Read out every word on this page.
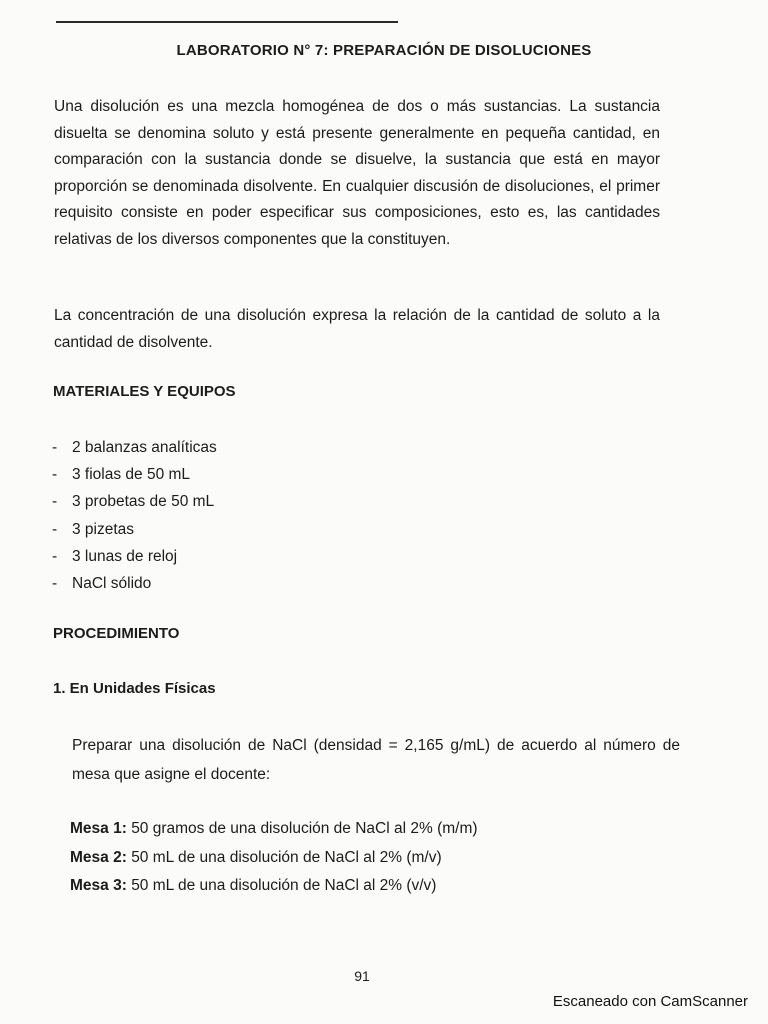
LABORATORIO N° 7: PREPARACIÓN DE DISOLUCIONES

Una disolución es una mezcla homogénea de dos o más sustancias. La sustancia disuelta se denomina soluto y está presente generalmente en pequeña cantidad, en comparación con la sustancia donde se disuelve, la sustancia que está en mayor proporción se denominada disolvente. En cualquier discusión de disoluciones, el primer requisito consiste en poder especificar sus composiciones, esto es, las cantidades relativas de los diversos componentes que la constituyen.

La concentración de una disolución expresa la relación de la cantidad de soluto a la cantidad de disolvente.

MATERIALES Y EQUIPOS
- 2 balanzas analíticas
- 3 fiolas de 50 mL
- 3 probetas de 50 mL
- 3 pizetas
- 3 lunas de reloj
- NaCl sólido
PROCEDIMIENTO
1. En Unidades Físicas

Preparar una disolución de NaCl (densidad = 2,165 g/mL) de acuerdo al número de mesa que asigne el docente:

Mesa 1: 50 gramos de una disolución de NaCl al 2% (m/m)
Mesa 2: 50 mL de una disolución de NaCl al 2% (m/v)
Mesa 3: 50 mL de una disolución de NaCl al 2% (v/v)

91

Escaneado con CamScanner
